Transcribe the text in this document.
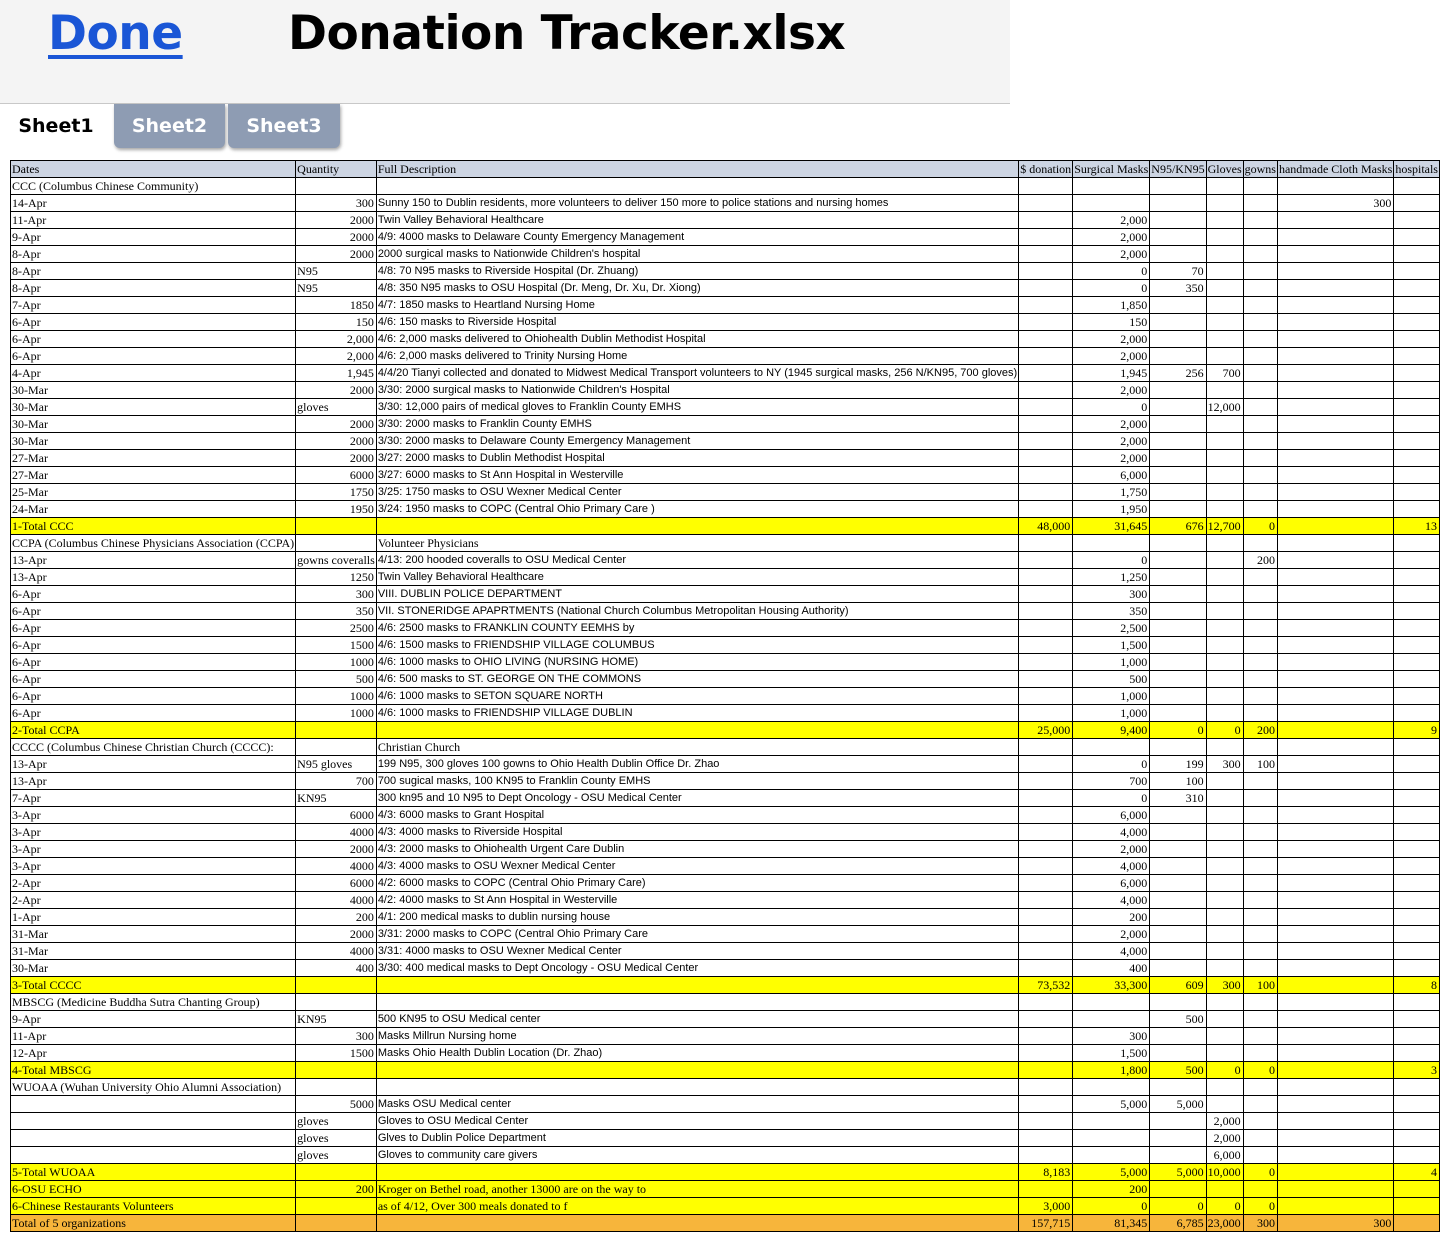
Done Donation Tracker.xlsx
Sheet1	Sheet2	Sheet3
Dates	Quantity	Full Description	$ donation	Surgical Masks	N95/KN95	Gloves	gowns	handmade Cloth Masks	hospitals
CCC (Columbus Chinese Community)									
14-Apr	300	Sunny 150 to Dublin residents, more volunteers to deliver 150 more to police stations and nursing homes						300	
11-Apr	2000	Twin Valley Behavioral Healthcare		2,000					
9-Apr	2000	4/9: 4000 masks to Delaware County Emergency Management		2,000					
8-Apr	2000	2000 surgical masks to Nationwide Children's hospital		2,000					
8-Apr	N95	4/8: 70 N95 masks to Riverside Hospital (Dr. Zhuang)		0	70				
8-Apr	N95	4/8: 350 N95 masks to OSU Hospital (Dr. Meng, Dr. Xu, Dr. Xiong)		0	350				
7-Apr	1850	4/7: 1850 masks to Heartland Nursing Home		1,850					
6-Apr	150	4/6: 150 masks to Riverside Hospital		150					
6-Apr	2,000	4/6: 2,000 masks delivered to Ohiohealth Dublin Methodist Hospital		2,000					
6-Apr	2,000	4/6: 2,000 masks delivered to Trinity Nursing Home		2,000					
4-Apr	1,945	4/4/20 Tianyi collected and donated to Midwest Medical Transport volunteers to NY (1945 surgical masks, 256 N/KN95, 700 gloves)		1,945	256	700			
30-Mar	2000	3/30: 2000 surgical masks to Nationwide Children's Hospital		2,000					
30-Mar	gloves	3/30: 12,000 pairs of medical gloves to Franklin County EMHS		0		12,000			
30-Mar	2000	3/30: 2000 masks to Franklin County EMHS		2,000					
30-Mar	2000	3/30: 2000 masks to Delaware County Emergency Management		2,000					
27-Mar	2000	3/27: 2000 masks to Dublin Methodist Hospital		2,000					
27-Mar	6000	3/27: 6000 masks to St Ann Hospital in Westerville		6,000					
25-Mar	1750	3/25: 1750 masks to OSU Wexner Medical Center		1,750					
24-Mar	1950	3/24: 1950 masks to COPC (Central Ohio Primary Care )		1,950					
1-Total CCC			48,000	31,645	676	12,700	0		13
CCPA (Columbus Chinese Physicians Association (CCPA)		Volunteer Physicians							
13-Apr	gowns coveralls	4/13: 200 hooded coveralls to OSU Medical Center		0			200		
13-Apr	1250	Twin Valley Behavioral Healthcare		1,250					
6-Apr	300	VIII. DUBLIN POLICE DEPARTMENT		300					
6-Apr	350	VII. STONERIDGE APAPRTMENTS (National Church Columbus Metropolitan Housing Authority)		350					
6-Apr	2500	4/6: 2500 masks to FRANKLIN COUNTY EEMHS by		2,500					
6-Apr	1500	4/6: 1500 masks to FRIENDSHIP VILLAGE COLUMBUS		1,500					
6-Apr	1000	4/6: 1000 masks to OHIO LIVING (NURSING HOME)		1,000					
6-Apr	500	4/6: 500 masks to ST. GEORGE ON THE COMMONS		500					
6-Apr	1000	4/6: 1000 masks to SETON SQUARE NORTH		1,000					
6-Apr	1000	4/6: 1000 masks to FRIENDSHIP VILLAGE DUBLIN		1,000					
2-Total CCPA			25,000	9,400	0	0	200		9
CCCC (Columbus Chinese Christian Church (CCCC):		Christian Church							
13-Apr	N95 gloves	199 N95, 300 gloves 100 gowns to Ohio Health Dublin Office Dr. Zhao		0	199	300	100		
13-Apr	700	700 sugical masks, 100 KN95 to Franklin County EMHS		700	100				
7-Apr	KN95	300 kn95 and 10 N95 to Dept Oncology - OSU Medical Center		0	310				
3-Apr	6000	4/3: 6000 masks to Grant Hospital		6,000					
3-Apr	4000	4/3: 4000 masks to Riverside Hospital		4,000					
3-Apr	2000	4/3: 2000 masks to Ohiohealth Urgent Care Dublin		2,000					
3-Apr	4000	4/3: 4000 masks to OSU Wexner Medical Center		4,000					
2-Apr	6000	4/2: 6000 masks to COPC (Central Ohio Primary Care)		6,000					
2-Apr	4000	4/2: 4000 masks to St Ann Hospital in Westerville		4,000					
1-Apr	200	4/1: 200 medical masks to dublin nursing house		200					
31-Mar	2000	3/31: 2000 masks to COPC (Central Ohio Primary Care		2,000					
31-Mar	4000	3/31: 4000 masks to OSU Wexner Medical Center		4,000					
30-Mar	400	3/30: 400 medical masks to Dept Oncology - OSU Medical Center		400					
3-Total CCCC			73,532	33,300	609	300	100		8
MBSCG (Medicine Buddha Sutra Chanting Group)									
9-Apr	KN95	500 KN95 to OSU Medical center			500				
11-Apr	300	Masks Millrun Nursing home		300					
12-Apr	1500	Masks Ohio Health Dublin Location (Dr. Zhao)		1,500					
4-Total MBSCG				1,800	500	0	0		3
WUOAA (Wuhan University Ohio Alumni Association)									
	5000	Masks OSU Medical center		5,000	5,000				
	gloves	Gloves to OSU Medical Center				2,000			
	gloves	Glves to Dublin Police Department				2,000			
	gloves	Gloves to community care givers				6,000			
5-Total WUOAA			8,183	5,000	5,000	10,000	0		4
6-OSU ECHO	200	Kroger on Bethel road, another 13000 are on the way to		200					
6-Chinese Restaurants Volunteers		as of 4/12, Over 300 meals donated to f	3,000	0	0	0	0		
Total of 5 organizations			157,715	81,345	6,785	23,000	300	300	
